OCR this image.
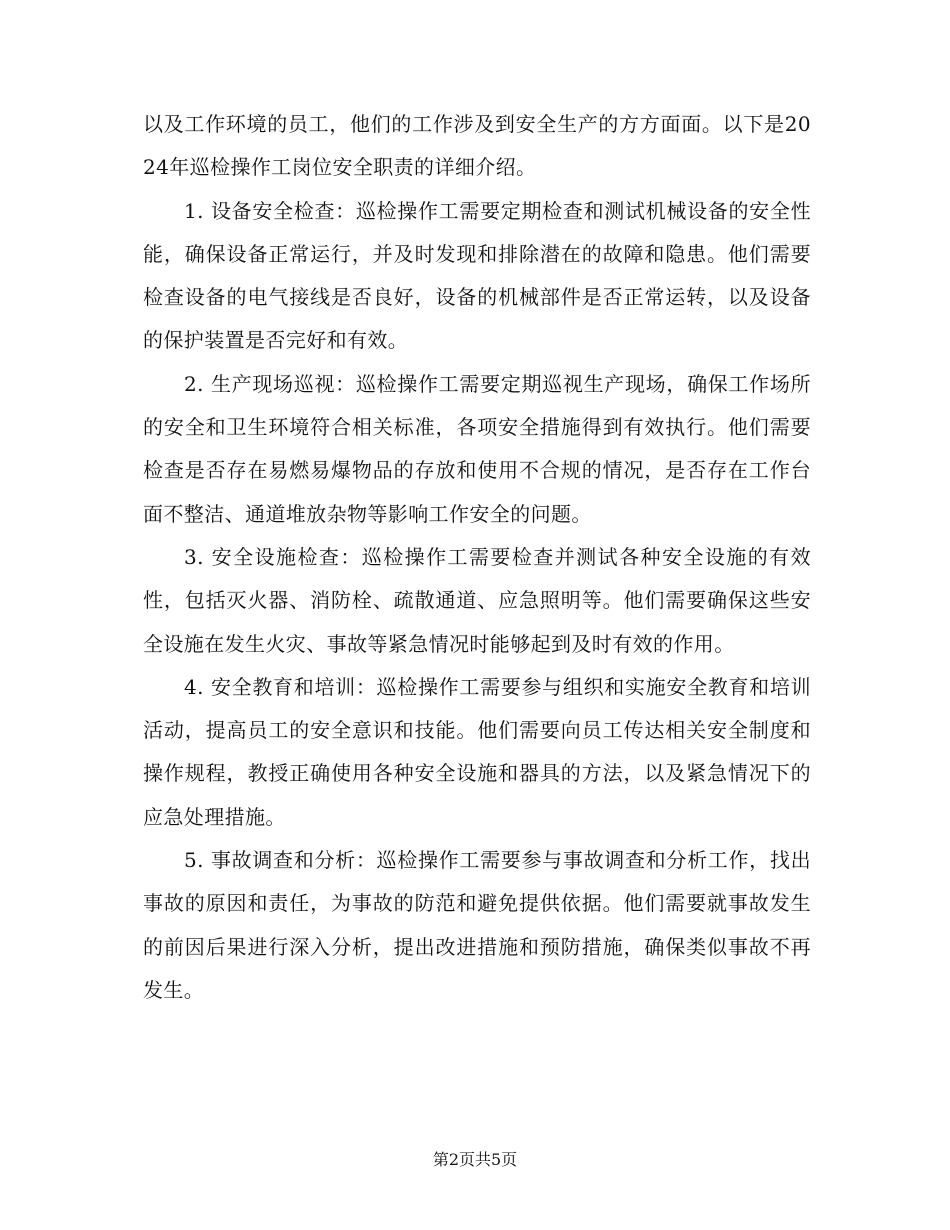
以及工作环境的员工，他们的工作涉及到安全生产的方方面面。以下是2024年巡检操作工岗位安全职责的详细介绍。

1. 设备安全检查：巡检操作工需要定期检查和测试机械设备的安全性能，确保设备正常运行，并及时发现和排除潜在的故障和隐患。他们需要检查设备的电气接线是否良好，设备的机械部件是否正常运转，以及设备的保护装置是否完好和有效。

2. 生产现场巡视：巡检操作工需要定期巡视生产现场，确保工作场所的安全和卫生环境符合相关标准，各项安全措施得到有效执行。他们需要检查是否存在易燃易爆物品的存放和使用不合规的情况，是否存在工作台面不整洁、通道堆放杂物等影响工作安全的问题。

3. 安全设施检查：巡检操作工需要检查并测试各种安全设施的有效性，包括灭火器、消防栓、疏散通道、应急照明等。他们需要确保这些安全设施在发生火灾、事故等紧急情况时能够起到及时有效的作用。

4. 安全教育和培训：巡检操作工需要参与组织和实施安全教育和培训活动，提高员工的安全意识和技能。他们需要向员工传达相关安全制度和操作规程，教授正确使用各种安全设施和器具的方法，以及紧急情况下的应急处理措施。

5. 事故调查和分析：巡检操作工需要参与事故调查和分析工作，找出事故的原因和责任，为事故的防范和避免提供依据。他们需要就事故发生的前因后果进行深入分析，提出改进措施和预防措施，确保类似事故不再发生。

第2页共5页
